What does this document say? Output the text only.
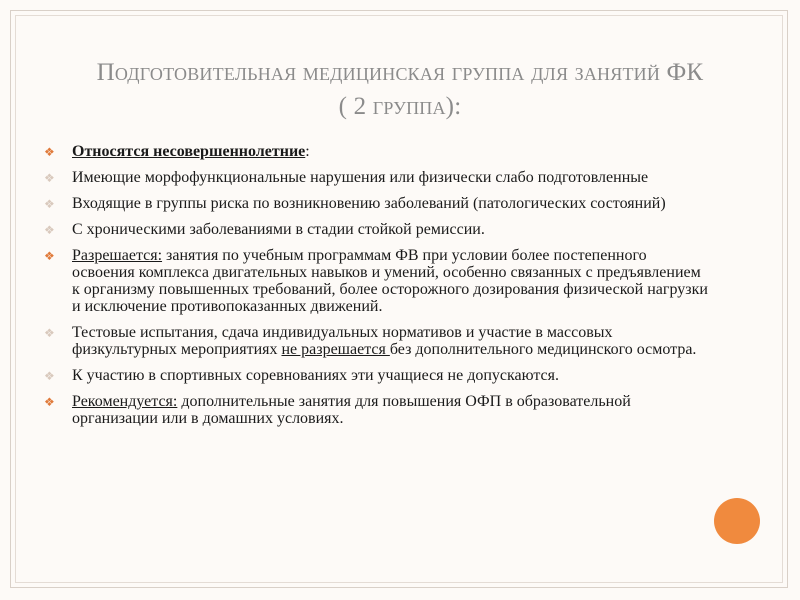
Подготовительная медицинская группа для занятий ФК
( 2 группа):
❖ Относятся несовершеннолетние:
❖ Имеющие морфофункциональные нарушения или физически слабо подготовленные
❖ Входящие в группы риска по возникновению заболеваний (патологических состояний)
❖ С хроническими заболеваниями в стадии стойкой ремиссии.
❖ Разрешается: занятия по учебным программам ФВ при условии более постепенного освоения комплекса двигательных навыков и умений, особенно связанных с предъявлением к организму повышенных требований, более осторожного дозирования физической нагрузки и исключение противопоказанных движений.
❖ Тестовые испытания, сдача индивидуальных нормативов и участие в массовых физкультурных мероприятиях не разрешается без дополнительного медицинского осмотра.
❖ К участию в спортивных соревнованиях эти учащиеся не допускаются.
❖ Рекомендуется: дополнительные занятия для повышения ОФП в образовательной организации или в домашних условиях.
